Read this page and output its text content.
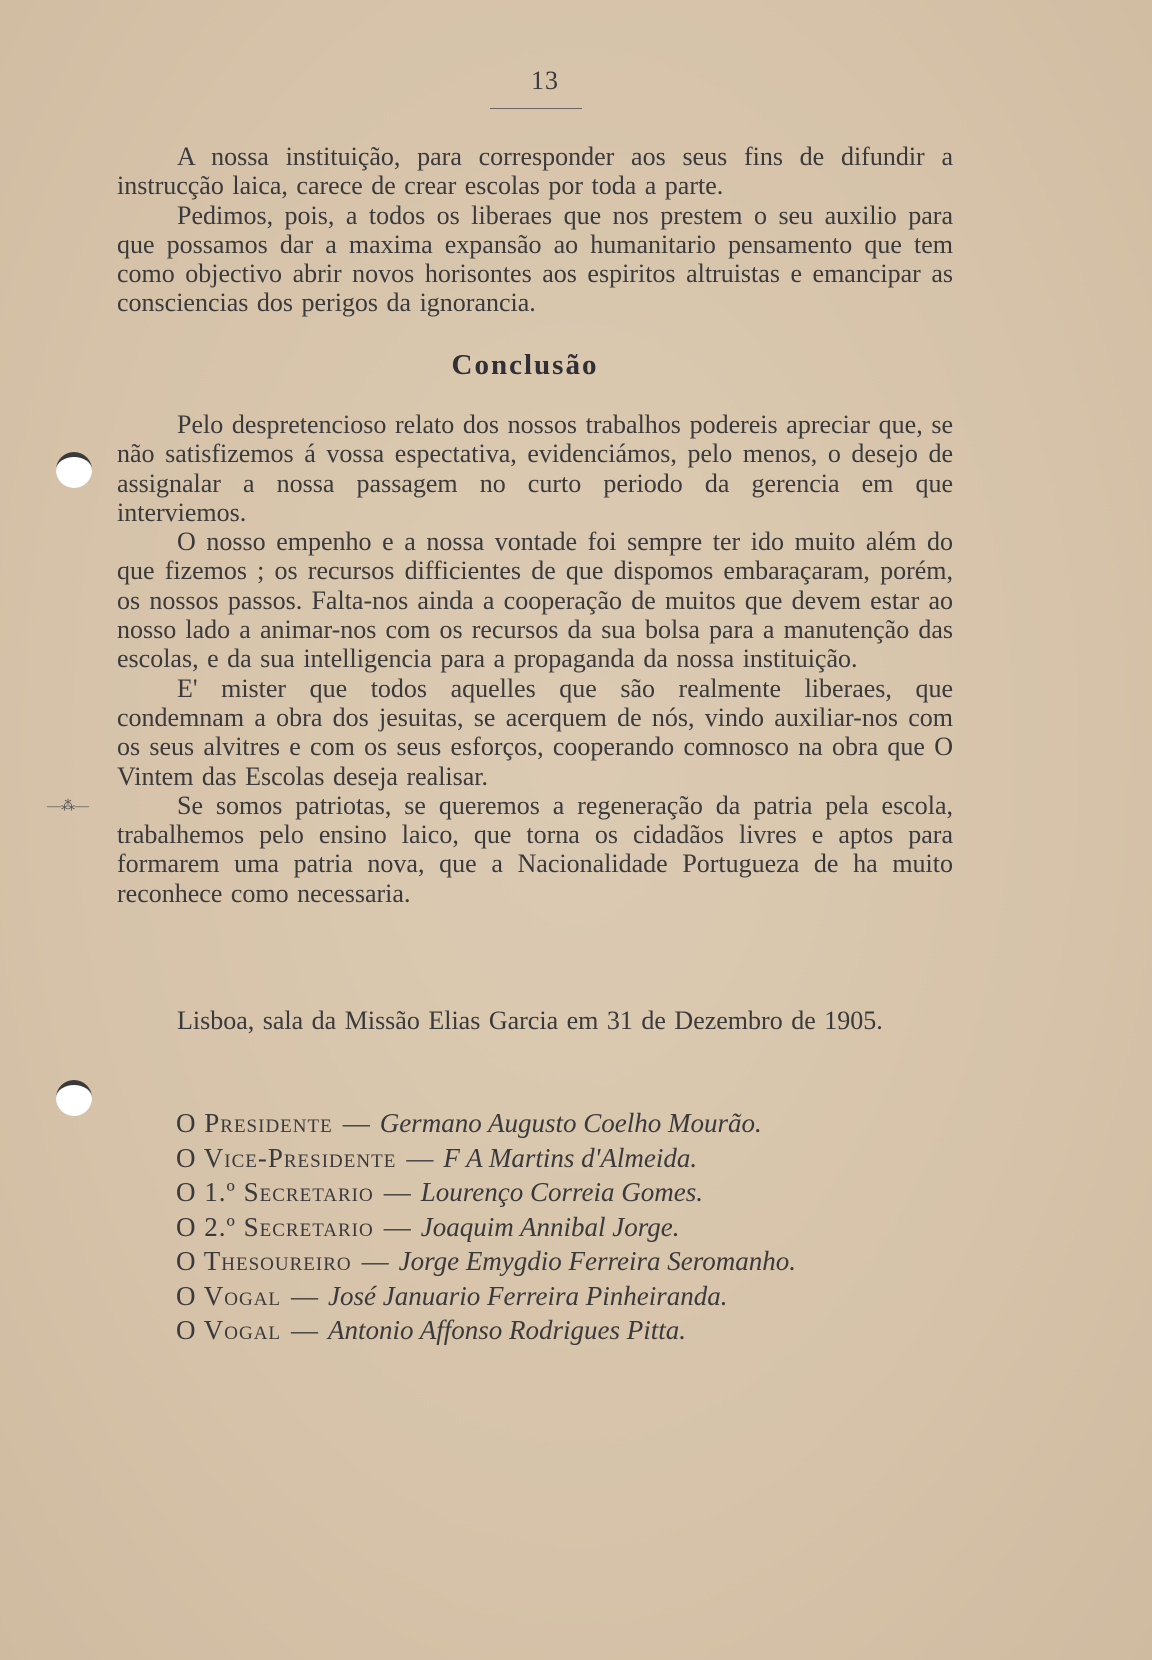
13
—⁂—

A nossa instituição, para corresponder aos seus fins de difundir a instrucção laica, carece de crear escolas por toda a parte.

Pedimos, pois, a todos os liberaes que nos prestem o seu auxilio para que possamos dar a maxima expansão ao humanitario pensamento que tem como objectivo abrir novos horisontes aos espiritos altruistas e emancipar as consciencias dos perigos da ignorancia.

Conclusão

Pelo despretencioso relato dos nossos trabalhos podereis apreciar que, se não satisfizemos á vossa espectativa, evidenciámos, pelo menos, o desejo de assignalar a nossa passagem no curto periodo da gerencia em que interviemos.

O nosso empenho e a nossa vontade foi sempre ter ido muito além do que fizemos ; os recursos difficientes de que dispomos embaraçaram, porém, os nossos passos. Falta-nos ainda a cooperação de muitos que devem estar ao nosso lado a animar-nos com os recursos da sua bolsa para a manutenção das escolas, e da sua intelligencia para a propaganda da nossa instituição.

E' mister que todos aquelles que são realmente liberaes, que condemnam a obra dos jesuitas, se acerquem de nós, vindo auxiliar-nos com os seus alvitres e com os seus esforços, cooperando comnosco na obra que O Vintem das Escolas deseja realisar.

Se somos patriotas, se queremos a regeneração da patria pela escola, trabalhemos pelo ensino laico, que torna os cidadãos livres e aptos para formarem uma patria nova, que a Nacionalidade Portugueza de ha muito reconhece como necessaria.

Lisboa, sala da Missão Elias Garcia em 31 de Dezembro de 1905.

O Presidente — Germano Augusto Coelho Mourão.
O Vice-Presidente — F A Martins d'Almeida.
O 1.º Secretario — Lourenço Correia Gomes.
O 2.º Secretario — Joaquim Annibal Jorge.
O Thesoureiro — Jorge Emygdio Ferreira Seromanho.
O Vogal — José Januario Ferreira Pinheiranda.
O Vogal — Antonio Affonso Rodrigues Pitta.
